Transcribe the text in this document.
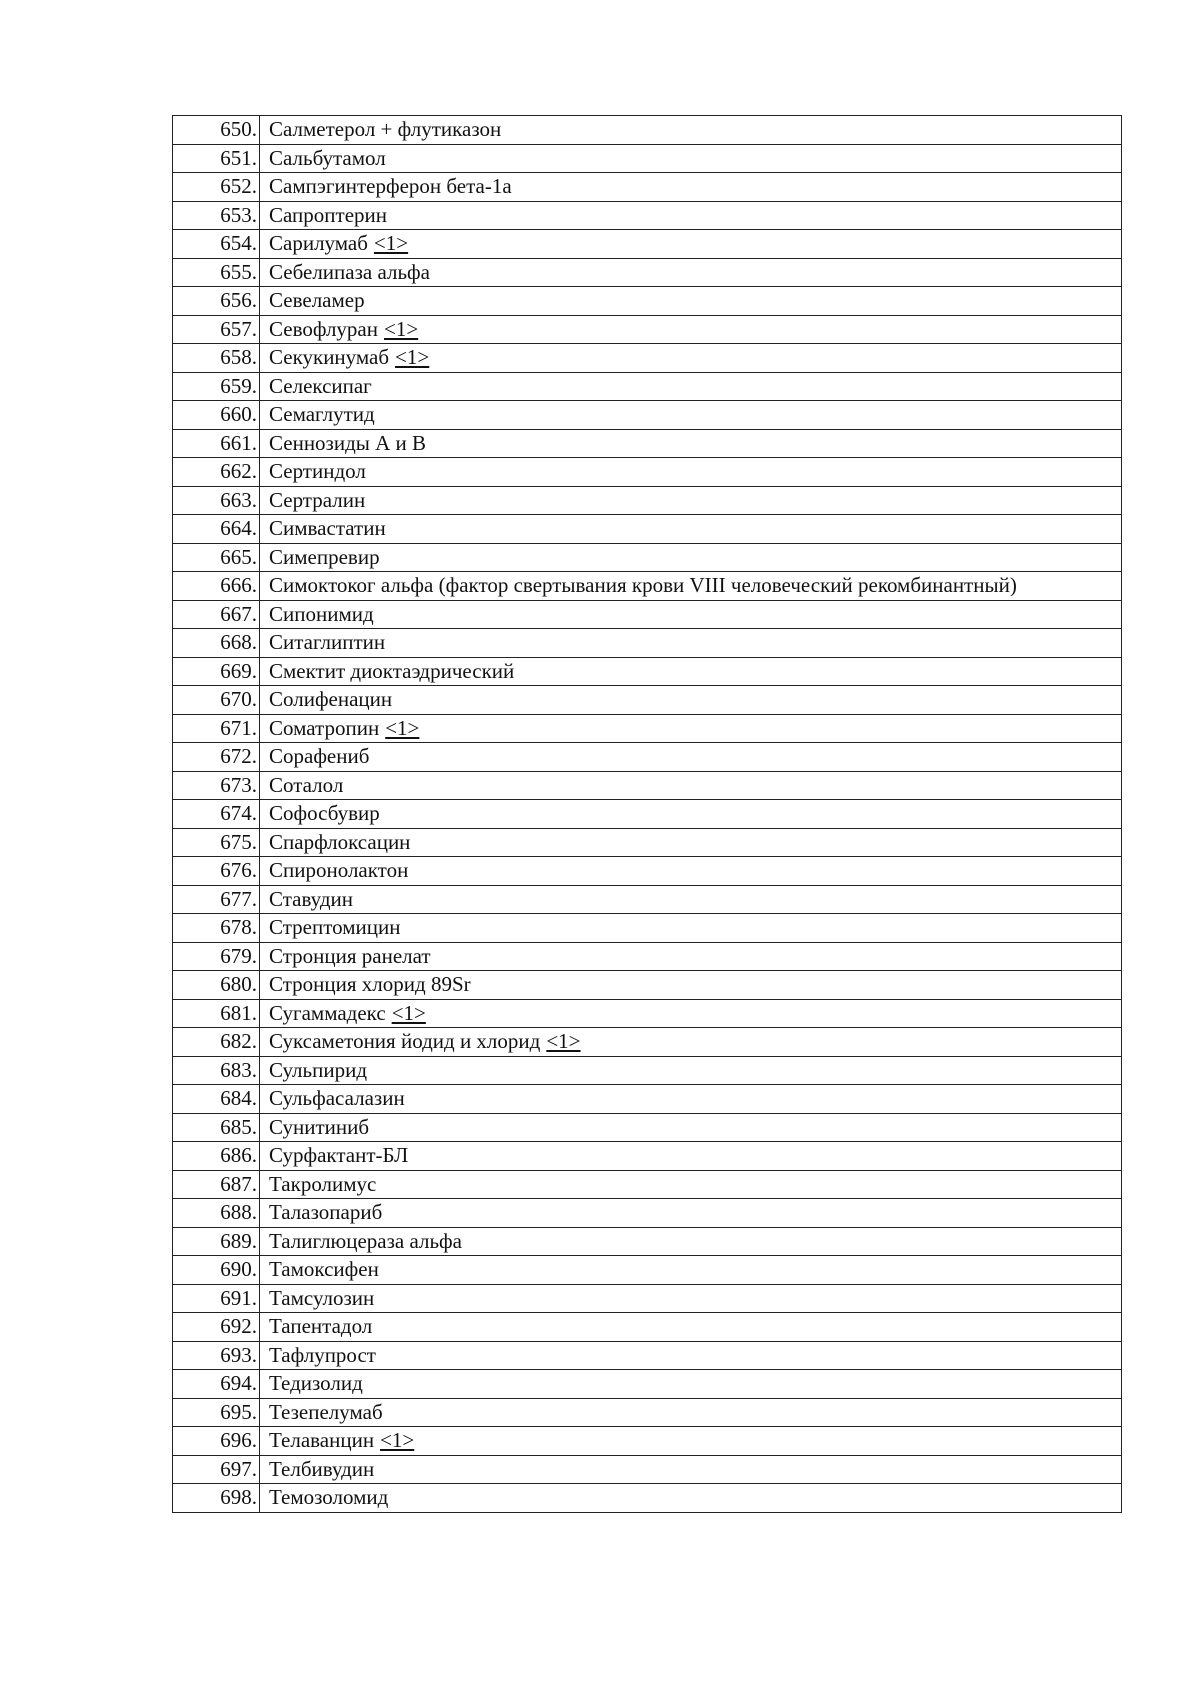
650.	Салметерол + флутиказон
651.	Сальбутамол
652.	Сампэгинтерферон бета-1а
653.	Сапроптерин
654.	Сарилумаб <1>
655.	Себелипаза альфа
656.	Севеламер
657.	Севофлуран <1>
658.	Секукинумаб <1>
659.	Селексипаг
660.	Семаглутид
661.	Сеннозиды А и В
662.	Сертиндол
663.	Сертралин
664.	Симвастатин
665.	Симепревир
666.	Симоктоког альфа (фактор свертывания крови VIII человеческий рекомбинантный)
667.	Сипонимид
668.	Ситаглиптин
669.	Смектит диоктаэдрический
670.	Солифенацин
671.	Соматропин <1>
672.	Сорафениб
673.	Соталол
674.	Софосбувир
675.	Спарфлоксацин
676.	Спиронолактон
677.	Ставудин
678.	Стрептомицин
679.	Стронция ранелат
680.	Стронция хлорид 89Sr
681.	Сугаммадекс <1>
682.	Суксаметония йодид и хлорид <1>
683.	Сульпирид
684.	Сульфасалазин
685.	Сунитиниб
686.	Сурфактант-БЛ
687.	Такролимус
688.	Талазопариб
689.	Талиглюцераза альфа
690.	Тамоксифен
691.	Тамсулозин
692.	Тапентадол
693.	Тафлупрост
694.	Тедизолид
695.	Тезепелумаб
696.	Телаванцин <1>
697.	Телбивудин
698.	Темозоломид
